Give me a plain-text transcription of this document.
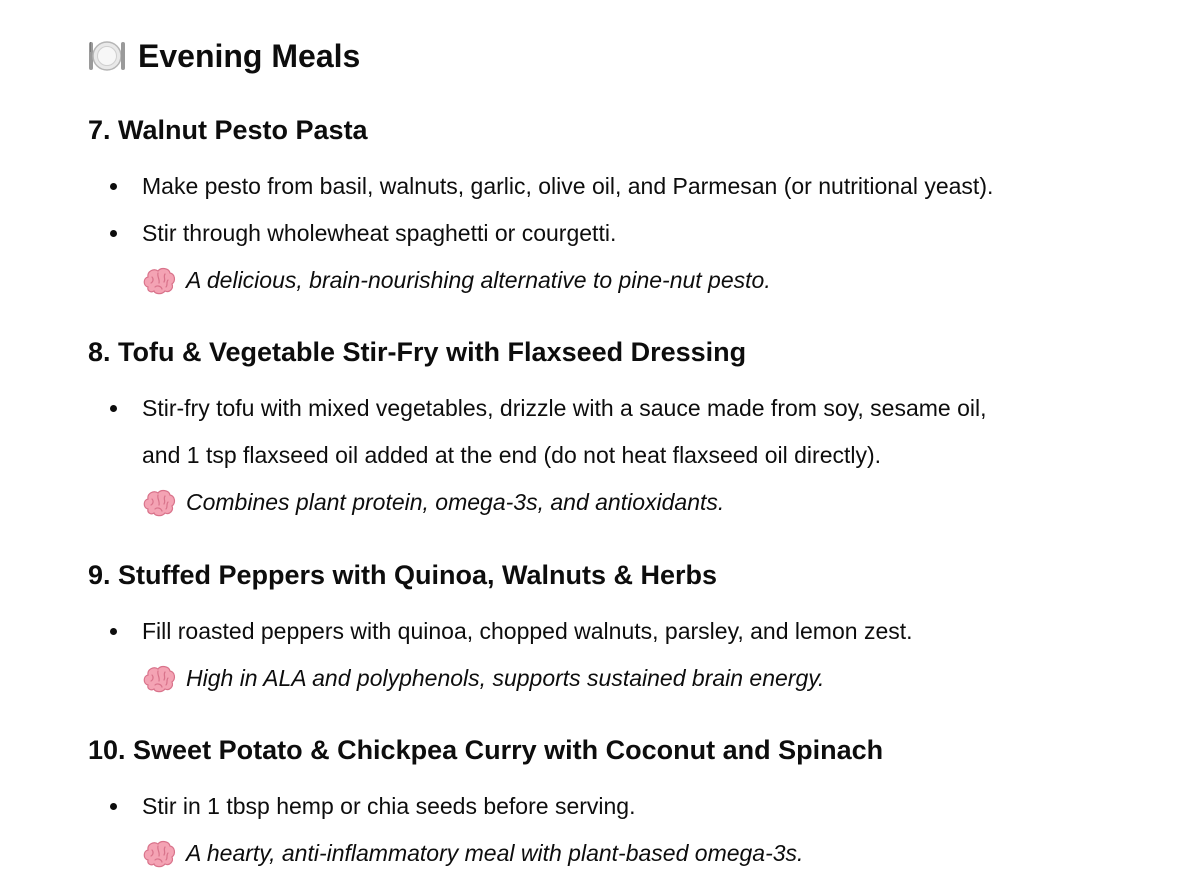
Evening Meals
7. Walnut Pesto Pasta
Make pesto from basil, walnuts, garlic, olive oil, and Parmesan (or nutritional yeast).
Stir through wholewheat spaghetti or courgetti.
A delicious, brain-nourishing alternative to pine-nut pesto.
8. Tofu & Vegetable Stir-Fry with Flaxseed Dressing
Stir-fry tofu with mixed vegetables, drizzle with a sauce made from soy, sesame oil,
and 1 tsp flaxseed oil added at the end (do not heat flaxseed oil directly).
Combines plant protein, omega-3s, and antioxidants.
9. Stuffed Peppers with Quinoa, Walnuts & Herbs
Fill roasted peppers with quinoa, chopped walnuts, parsley, and lemon zest.
High in ALA and polyphenols, supports sustained brain energy.
10. Sweet Potato & Chickpea Curry with Coconut and Spinach
Stir in 1 tbsp hemp or chia seeds before serving.
A hearty, anti-inflammatory meal with plant-based omega-3s.
